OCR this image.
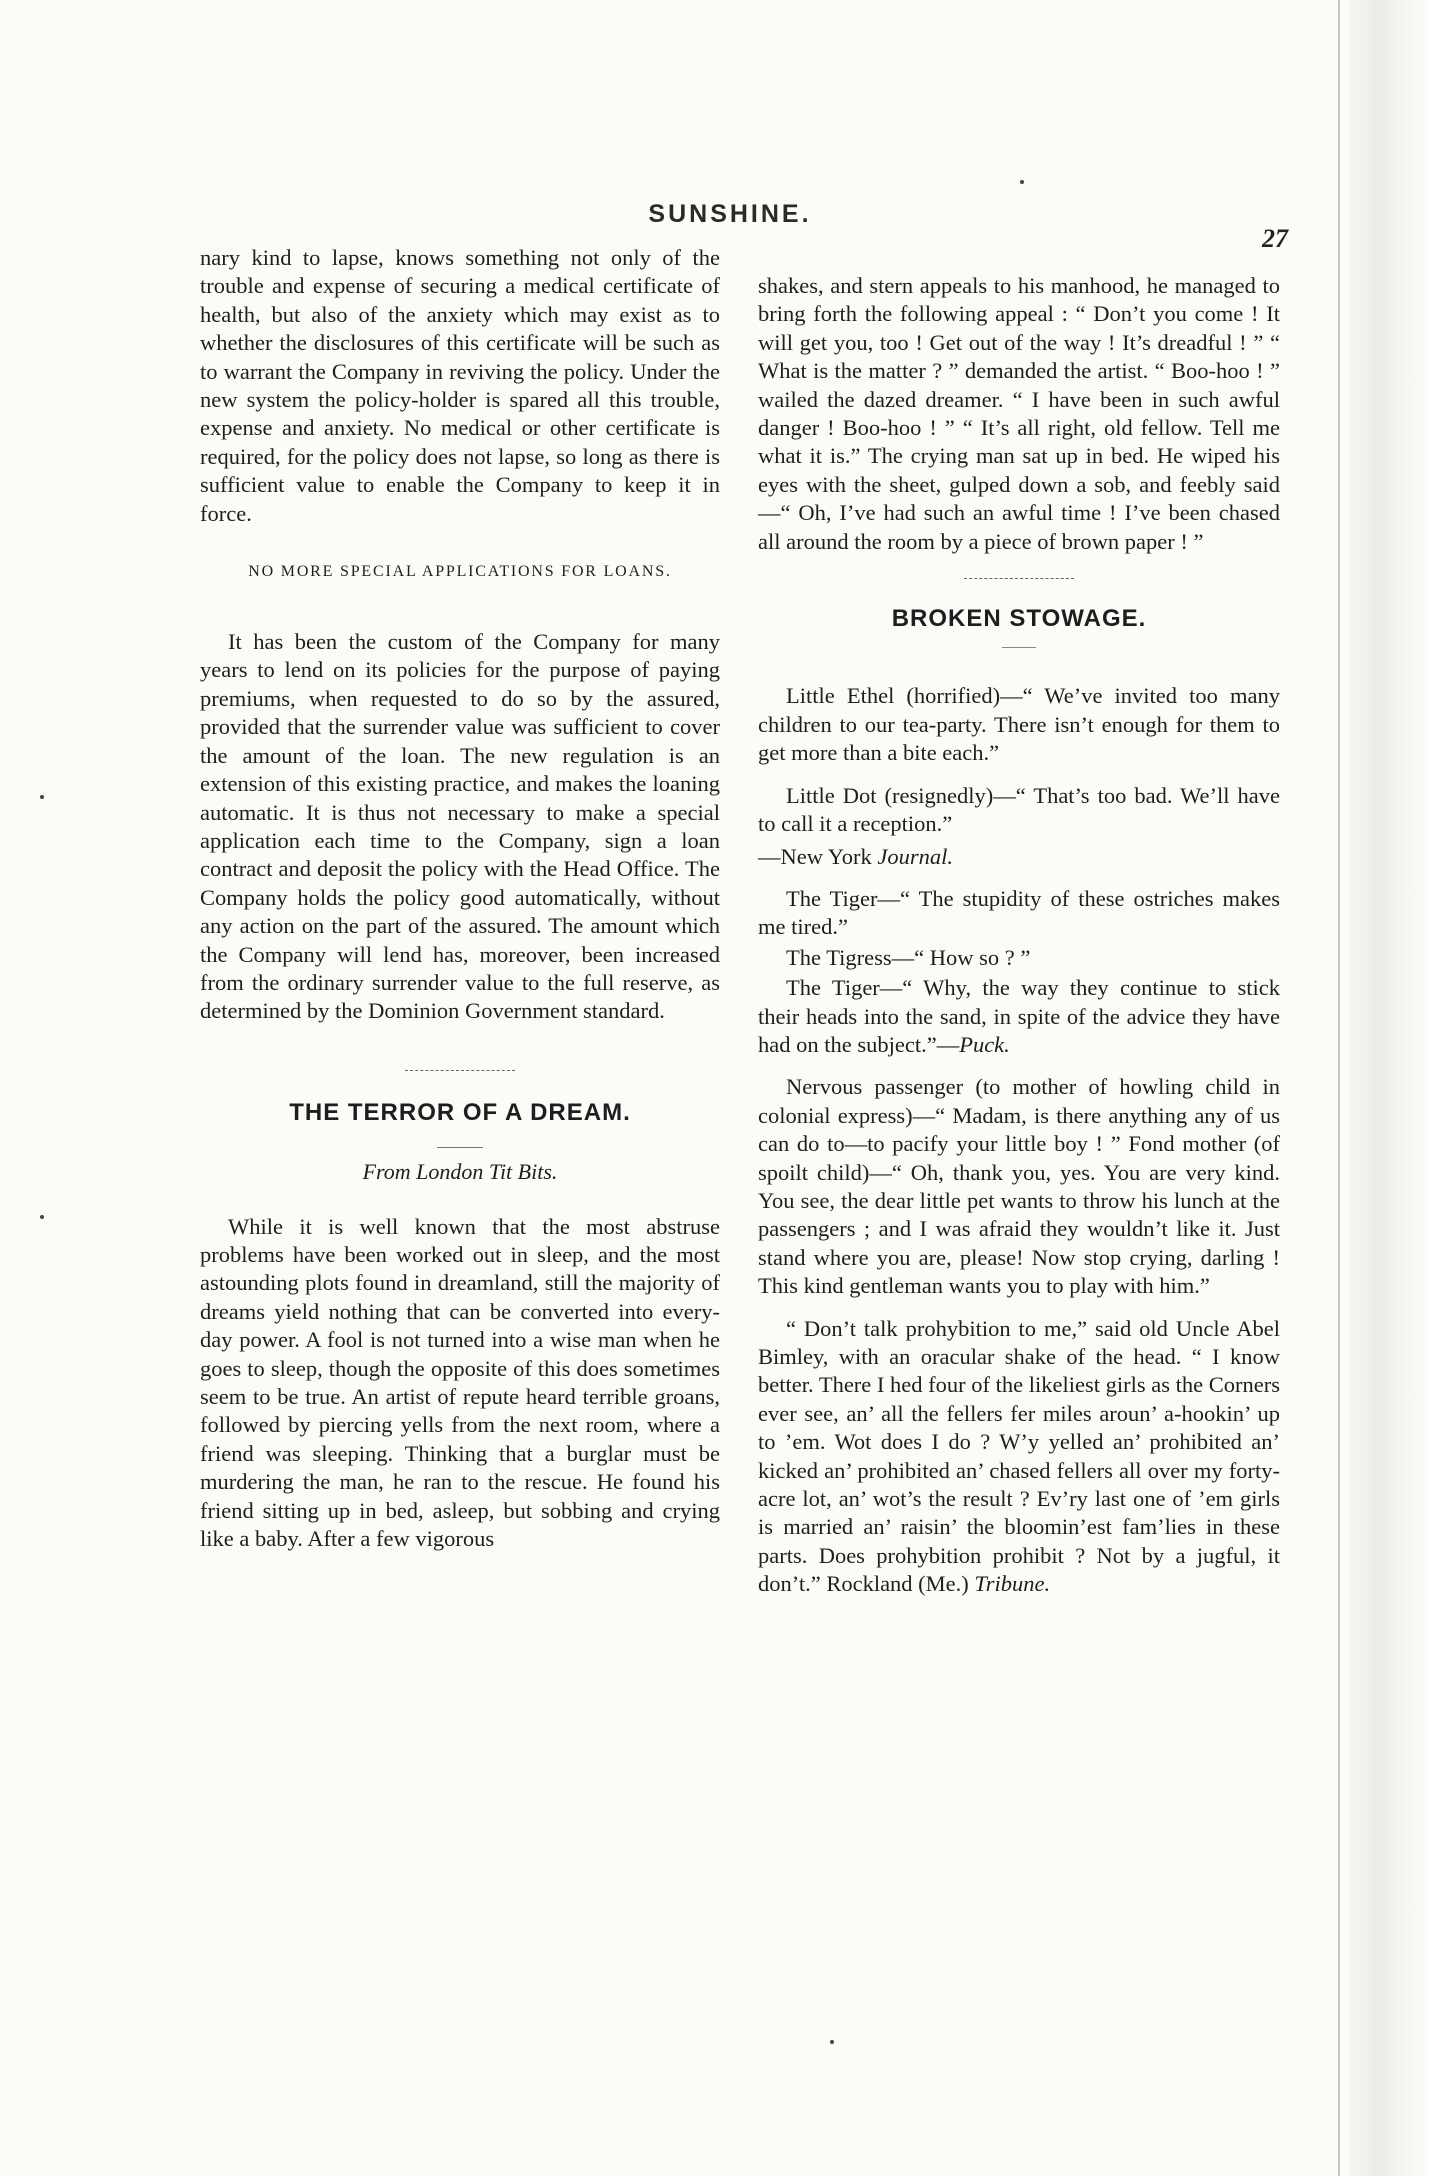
SUNSHINE.
27

nary kind to lapse, knows something not only of the trouble and expense of securing a medical certificate of health, but also of the anxiety which may exist as to whether the disclosures of this certificate will be such as to warrant the Company in reviving the policy. Under the new system the policy-holder is spared all this trouble, expense and anxiety. No medical or other certificate is required, for the policy does not lapse, so long as there is sufficient value to enable the Company to keep it in force.

NO MORE SPECIAL APPLICATIONS FOR LOANS.

It has been the custom of the Company for many years to lend on its policies for the purpose of paying premiums, when requested to do so by the assured, provided that the surrender value was sufficient to cover the amount of the loan. The new regulation is an extension of this existing practice, and makes the loaning automatic. It is thus not necessary to make a special application each time to the Company, sign a loan contract and deposit the policy with the Head Office. The Company holds the policy good automatically, without any action on the part of the assured. The amount which the Company will lend has, moreover, been increased from the ordinary surrender value to the full reserve, as determined by the Dominion Government standard.

THE TERROR OF A DREAM.
From London Tit Bits.

While it is well known that the most abstruse problems have been worked out in sleep, and the most astounding plots found in dreamland, still the majority of dreams yield nothing that can be converted into every-day power. A fool is not turned into a wise man when he goes to sleep, though the opposite of this does sometimes seem to be true. An artist of repute heard terrible groans, followed by piercing yells from the next room, where a friend was sleeping. Thinking that a burglar must be murdering the man, he ran to the rescue. He found his friend sitting up in bed, asleep, but sobbing and crying like a baby. After a few vigorous

shakes, and stern appeals to his manhood, he managed to bring forth the following appeal : “ Don’t you come ! It will get you, too ! Get out of the way ! It’s dreadful ! ” “ What is the matter ? ” demanded the artist. “ Boo-hoo ! ” wailed the dazed dreamer. “ I have been in such awful danger ! Boo-hoo ! ” “ It’s all right, old fellow. Tell me what it is.” The crying man sat up in bed. He wiped his eyes with the sheet, gulped down a sob, and feebly said —“ Oh, I’ve had such an awful time ! I’ve been chased all around the room by a piece of brown paper ! ”

BROKEN STOWAGE.

Little Ethel (horrified)—“ We’ve invited too many children to our tea-party. There isn’t enough for them to get more than a bite each.”

Little Dot (resignedly)—“ That’s too bad. We’ll have to call it a reception.”

—New York Journal.

The Tiger—“ The stupidity of these ostriches makes me tired.”

The Tigress—“ How so ? ”

The Tiger—“ Why, the way they continue to stick their heads into the sand, in spite of the advice they have had on the subject.”—Puck.

Nervous passenger (to mother of howling child in colonial express)—“ Madam, is there anything any of us can do to—to pacify your little boy ! ” Fond mother (of spoilt child)—“ Oh, thank you, yes. You are very kind. You see, the dear little pet wants to throw his lunch at the passengers ; and I was afraid they wouldn’t like it. Just stand where you are, please! Now stop crying, darling ! This kind gentleman wants you to play with him.”

“ Don’t talk prohybition to me,” said old Uncle Abel Bimley, with an oracular shake of the head. “ I know better. There I hed four of the likeliest girls as the Corners ever see, an’ all the fellers fer miles aroun’ a-hookin’ up to ’em. Wot does I do ? W’y yelled an’ prohibited an’ kicked an’ prohibited an’ chased fellers all over my forty-acre lot, an’ wot’s the result ? Ev’ry last one of ’em girls is married an’ raisin’ the bloomin’est fam’lies in these parts. Does prohybition prohibit ? Not by a jugful, it don’t.” Rockland (Me.) Tribune.
